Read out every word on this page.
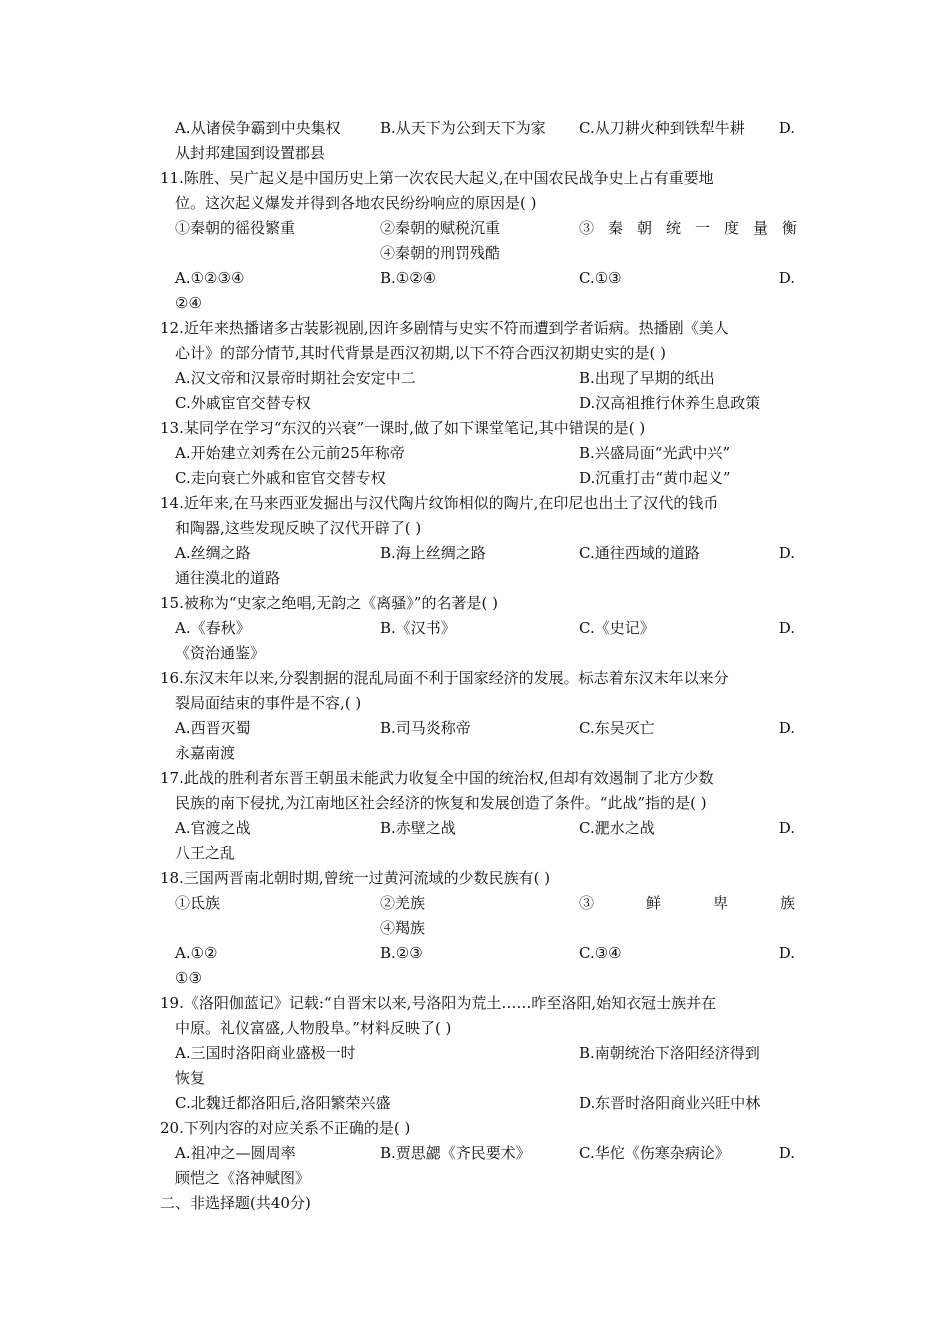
A.从诸侯争霸到中央集权	B.从天下为公到天下为家 C.从刀耕火种到铁犁牛耕 D.
从封邦建国到设置郡县
11.陈胜、吴广起义是中国历史上第一次农民大起义,在中国农民战争史上占有重要地
位。这次起义爆发并得到各地农民纷纷响应的原因是( )
①秦朝的徭役繁重	②秦朝的赋税沉重	③秦朝统一度量衡
④秦朝的刑罚残酷
A.①②③④	B.①②④	C.①③	D.
②④
12.近年来热播诸多古装影视剧,因许多剧情与史实不符而遭到学者诟病。热播剧《美人
心计》的部分情节,其时代背景是西汉初期,以下不符合西汉初期史实的是( )
A.汉文帝和汉景帝时期社会安定中二	B.出现了早期的纸出
C.外戚宦官交替专权	D.汉高祖推行休养生息政策
13.某同学在学习“东汉的兴衰”一课时,做了如下课堂笔记,其中错误的是( )
A.开始建立刘秀在公元前25年称帝	B.兴盛局面“光武中兴”
C.走向衰亡外戚和宦官交替专权	D.沉重打击“黄巾起义”
14.近年来,在马来西亚发掘出与汉代陶片纹饰相似的陶片,在印尼也出土了汉代的钱币
和陶器,这些发现反映了汉代开辟了( )
A.丝绸之路	B.海上丝绸之路	C.通往西域的道路	D.
通往漠北的道路
15.被称为“史家之绝唱,无韵之《离骚》”的名著是( )
A.《春秋》	B.《汉书》	C.《史记》	D.
《资治通鉴》
16.东汉末年以来,分裂割据的混乱局面不利于国家经济的发展。标志着东汉末年以来分
裂局面结束的事件是不容,( )
A.西晋灭蜀	B.司马炎称帝	C.东吴灭亡	D.
永嘉南渡
17.此战的胜利者东晋王朝虽未能武力收复全中国的统治权,但却有效遏制了北方少数
民族的南下侵扰,为江南地区社会经济的恢复和发展创造了条件。“此战”指的是( )
A.官渡之战	B.赤壁之战	C.淝水之战	D.
八王之乱
18.三国两晋南北朝时期,曾统一过黄河流域的少数民族有( )
①氐族	②羌族	③鲜卑族
④羯族
A.①②	B.②③	C.③④	D.
①③
19.《洛阳伽蓝记》记载:“自晋宋以来,号洛阳为荒土……昨至洛阳,始知衣冠士族并在
中原。礼仪富盛,人物殷阜。”材料反映了( )
A.三国时洛阳商业盛极一时	B.南朝统治下洛阳经济得到
恢复
C.北魏迁都洛阳后,洛阳繁荣兴盛	D.东晋时洛阳商业兴旺中林
20.下列内容的对应关系不正确的是( )
A.祖冲之—圆周率	B.贾思勰《齐民要术》	C.华佗《伤寒杂病论》	D.
顾恺之《洛神赋图》
二、非选择题(共40分)
